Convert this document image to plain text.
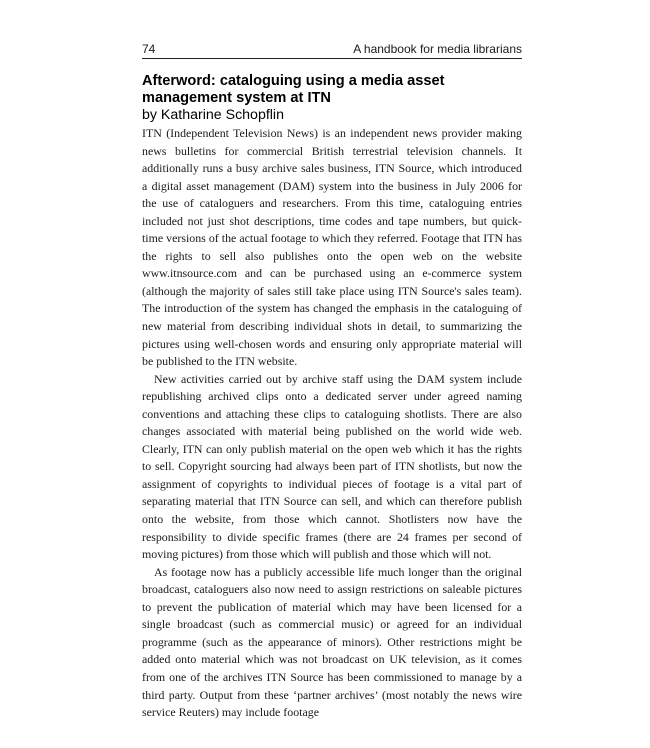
74	A handbook for media librarians
Afterword: cataloguing using a media asset management system at ITN
by Katharine Schopflin

ITN (Independent Television News) is an independent news provider making news bulletins for commercial British terrestrial television channels. It additionally runs a busy archive sales business, ITN Source, which introduced a digital asset management (DAM) system into the business in July 2006 for the use of cataloguers and researchers. From this time, cataloguing entries included not just shot descriptions, time codes and tape numbers, but quick-time versions of the actual footage to which they referred. Footage that ITN has the rights to sell also publishes onto the open web on the website www.itnsource.com and can be purchased using an e-commerce system (although the majority of sales still take place using ITN Source's sales team). The introduction of the system has changed the emphasis in the cataloguing of new material from describing individual shots in detail, to summarizing the pictures using well-chosen words and ensuring only appropriate material will be published to the ITN website.

New activities carried out by archive staff using the DAM system include republishing archived clips onto a dedicated server under agreed naming conventions and attaching these clips to cataloguing shotlists. There are also changes associated with material being published on the world wide web. Clearly, ITN can only publish material on the open web which it has the rights to sell. Copyright sourcing had always been part of ITN shotlists, but now the assignment of copyrights to individual pieces of footage is a vital part of separating material that ITN Source can sell, and which can therefore publish onto the website, from those which cannot. Shotlisters now have the responsibility to divide specific frames (there are 24 frames per second of moving pictures) from those which will publish and those which will not.

As footage now has a publicly accessible life much longer than the original broadcast, cataloguers also now need to assign restrictions on saleable pictures to prevent the publication of material which may have been licensed for a single broadcast (such as commercial music) or agreed for an individual programme (such as the appearance of minors). Other restrictions might be added onto material which was not broadcast on UK television, as it comes from one of the archives ITN Source has been commissioned to manage by a third party. Output from these ‘partner archives’ (most notably the news wire service Reuters) may include footage
